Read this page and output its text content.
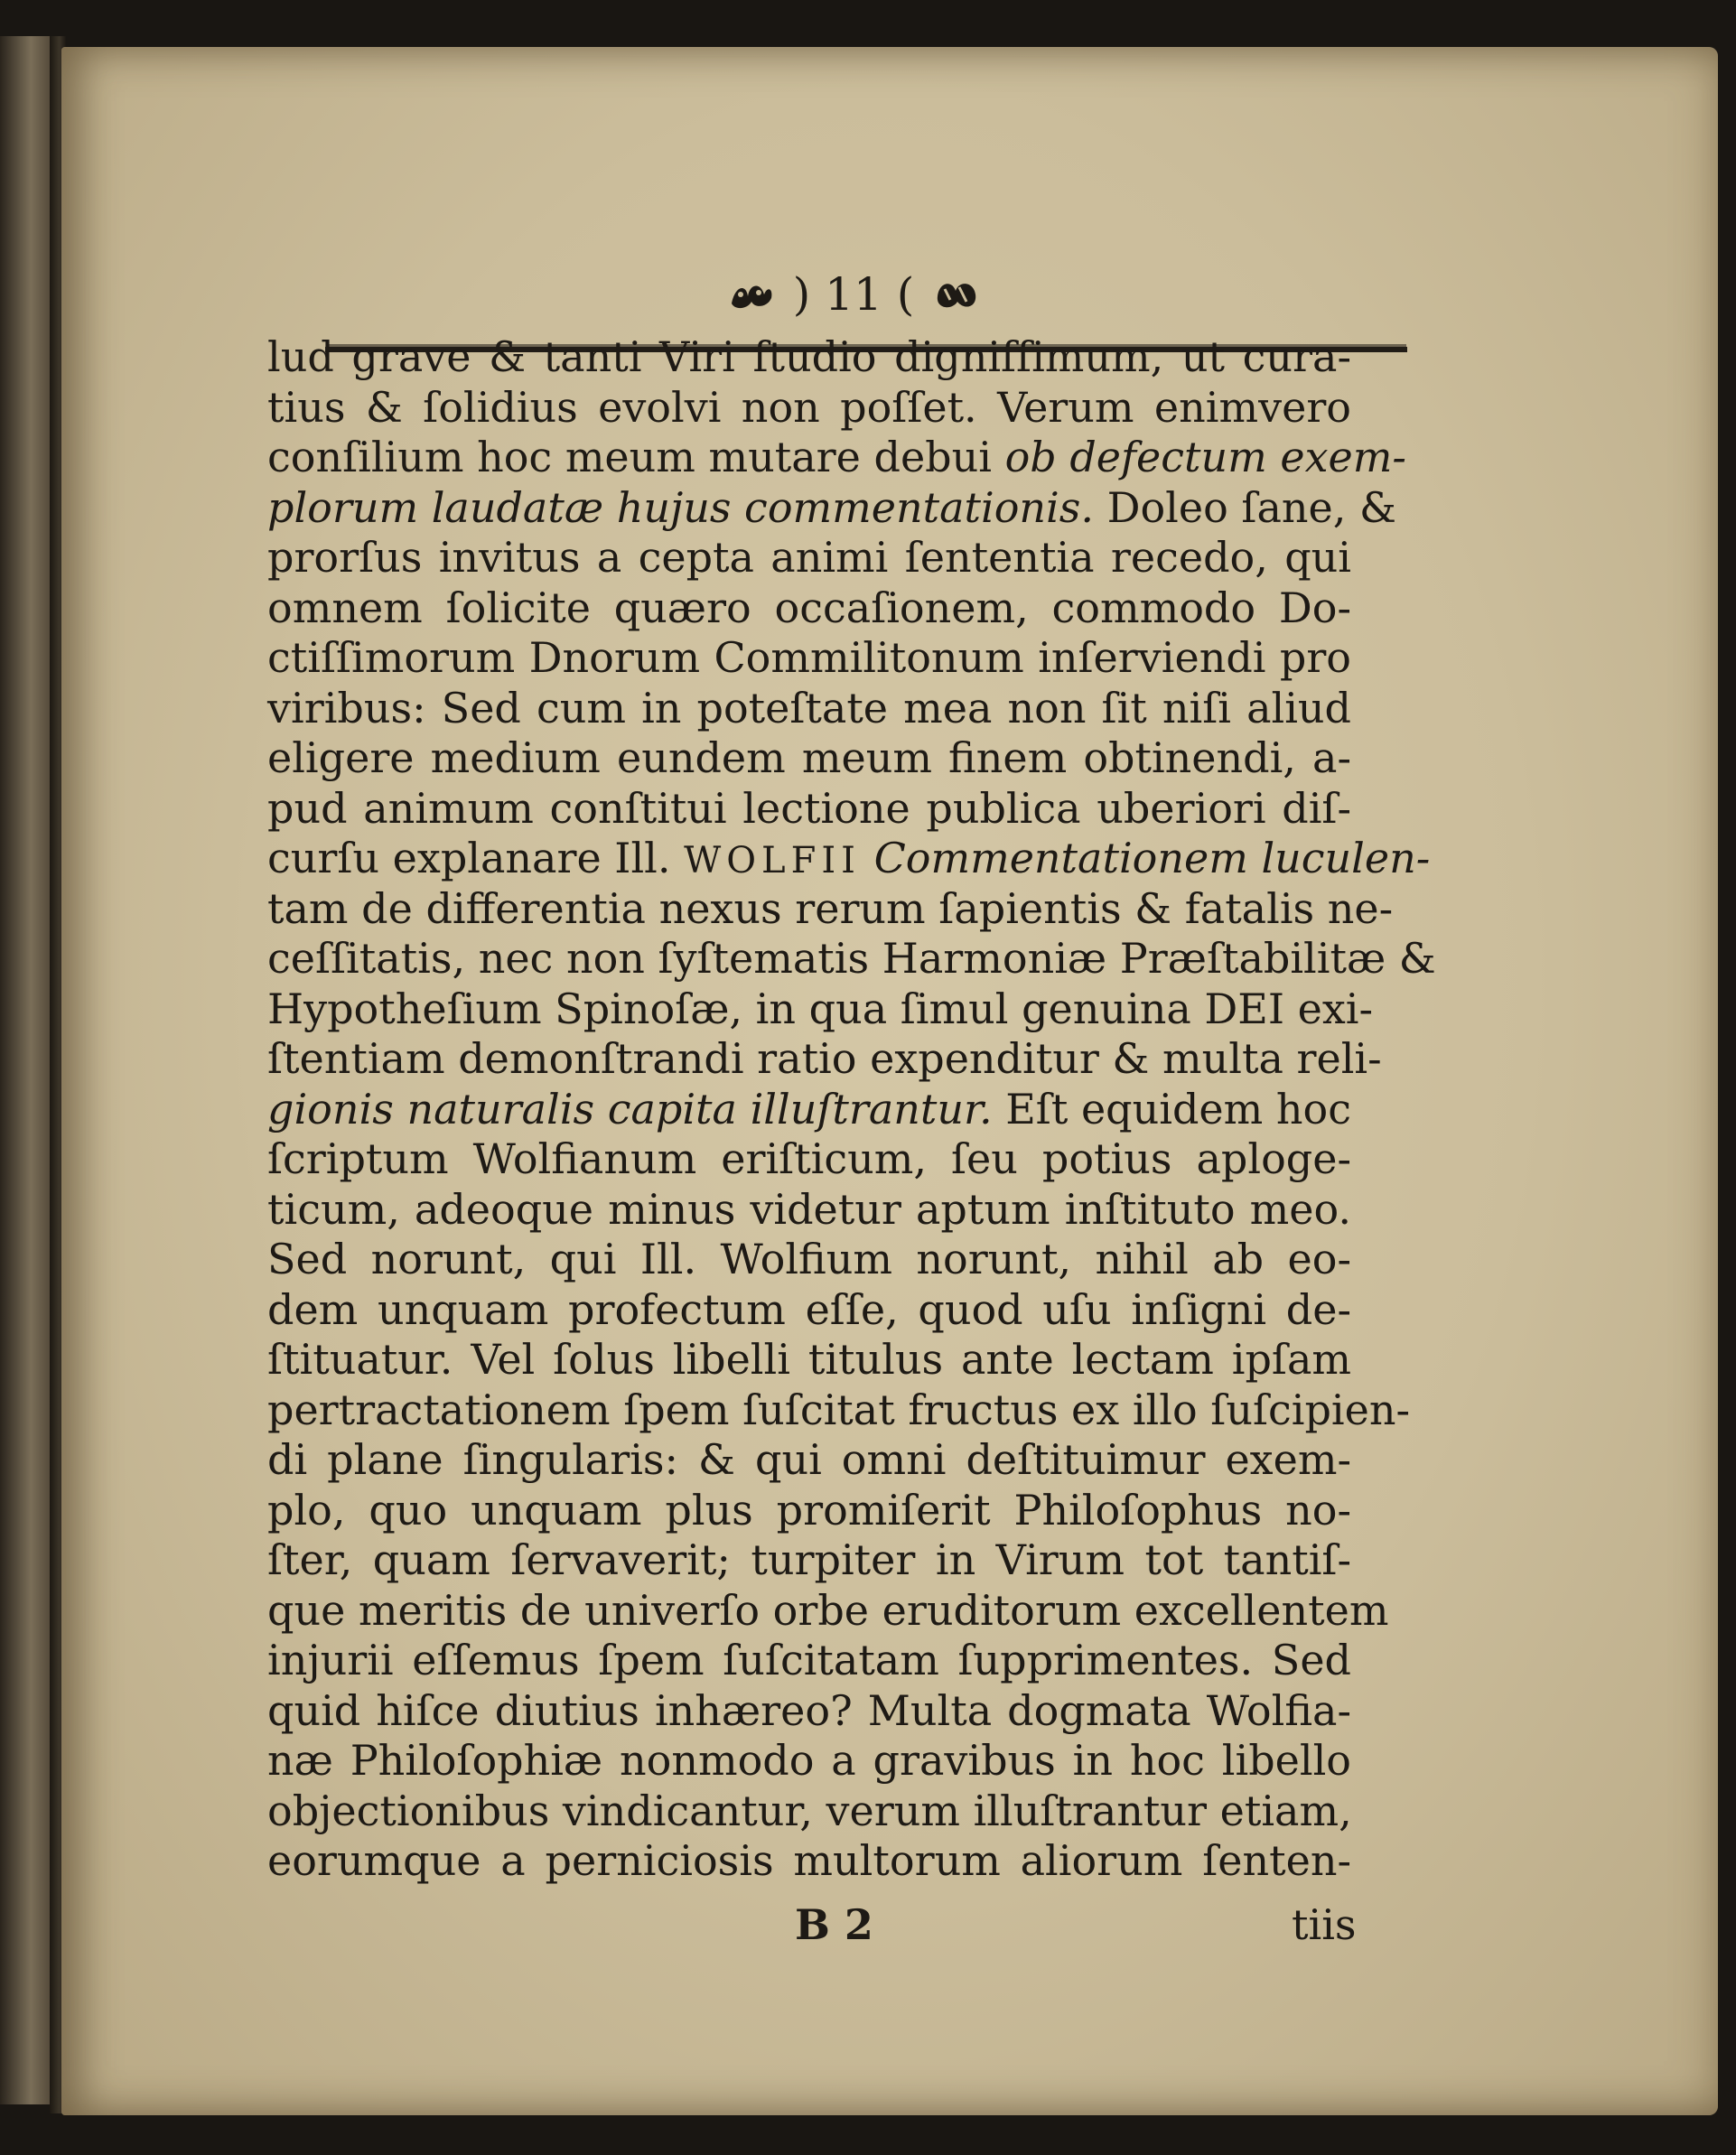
) 11 (
lud grave & tanti Viri ſtudio digniſſimum, ut cura-
tius & ſolidius evolvi non poſſet. Verum enimvero
conſilium hoc meum mutare debui ob defectum exem-
plorum laudatæ hujus commentationis. Doleo ſane, &
prorſus invitus a cepta animi ſententia recedo, qui
omnem ſolicite quæro occaſionem, commodo Do-
ctiſſimorum Dnorum Commilitonum inſerviendi pro
viribus: Sed cum in poteſtate mea non ſit niſi aliud
eligere medium eundem meum finem obtinendi, a-
pud animum conſtitui lectione publica uberiori diſ-
curſu explanare Ill. WOLFII Commentationem luculen-
tam de differentia nexus rerum ſapientis & fatalis ne-
ceſſitatis, nec non ſyſtematis Harmoniæ Præſtabilitæ &
Hypotheſium Spinoſæ, in qua ſimul genuina DEI exi-
ſtentiam demonſtrandi ratio expenditur & multa reli-
gionis naturalis capita illuſtrantur. Eſt equidem hoc
ſcriptum Wolfianum eriſticum, ſeu potius aploge-
ticum, adeoque minus videtur aptum inſtituto meo.
Sed norunt, qui Ill. Wolfium norunt, nihil ab eo-
dem unquam profectum eſſe, quod uſu inſigni de-
ſtituatur. Vel ſolus libelli titulus ante lectam ipſam
pertractationem ſpem ſuſcitat fructus ex illo ſuſcipien-
di plane ſingularis: & qui omni deſtituimur exem-
plo, quo unquam plus promiſerit Philoſophus no-
ſter, quam ſervaverit; turpiter in Virum tot tantiſ-
que meritis de univerſo orbe eruditorum excellentem
injurii eſſemus ſpem ſuſcitatam ſupprimentes. Sed
quid hiſce diutius inhæreo? Multa dogmata Wolfia-
næ Philoſophiæ nonmodo a gravibus in hoc libello
objectionibus vindicantur, verum illuſtrantur etiam,
eorumque a perniciosis multorum aliorum ſenten-
B 2	tiis
